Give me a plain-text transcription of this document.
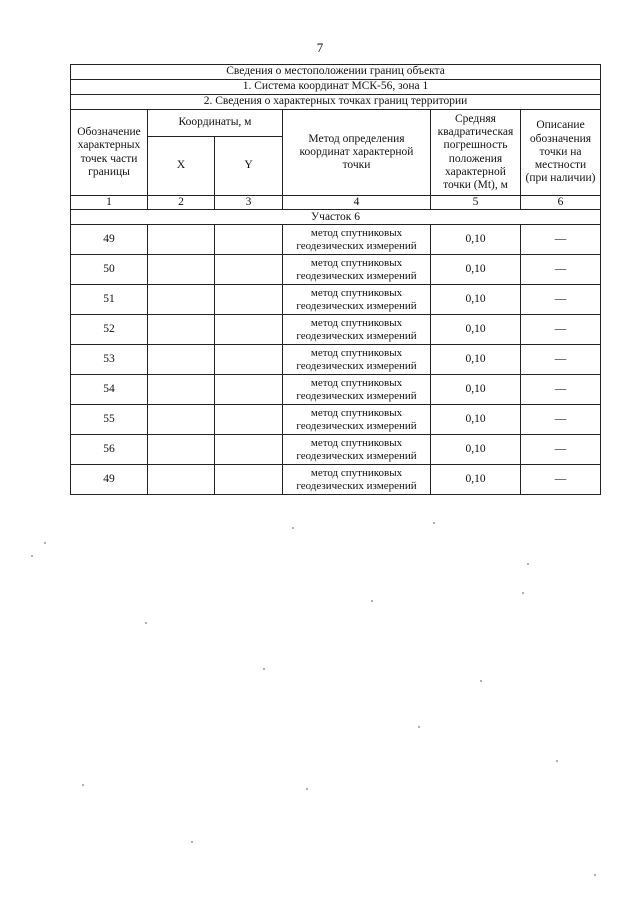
7
Сведения о местоположении границ объекта					
1. Система координат МСК-56, зона 1					
2. Сведения о характерных точках границ территории					
Обозначение характерных точек части границы	Координаты, м		Метод определения координат характерной точки	Средняя квадратическая погрешность положения характерной точки (Mt), м	Описание обозначения точки на местности (при наличии)
	X	Y			
1	2	3	4	5	6
Участок 6					
49			метод спутниковых геодезических измерений	0,10	—
50			метод спутниковых геодезических измерений	0,10	—
51			метод спутниковых геодезических измерений	0,10	—
52			метод спутниковых геодезических измерений	0,10	—
53			метод спутниковых геодезических измерений	0,10	—
54			метод спутниковых геодезических измерений	0,10	—
55			метод спутниковых геодезических измерений	0,10	—
56			метод спутниковых геодезических измерений	0,10	—
49			метод спутниковых геодезических измерений	0,10	—
